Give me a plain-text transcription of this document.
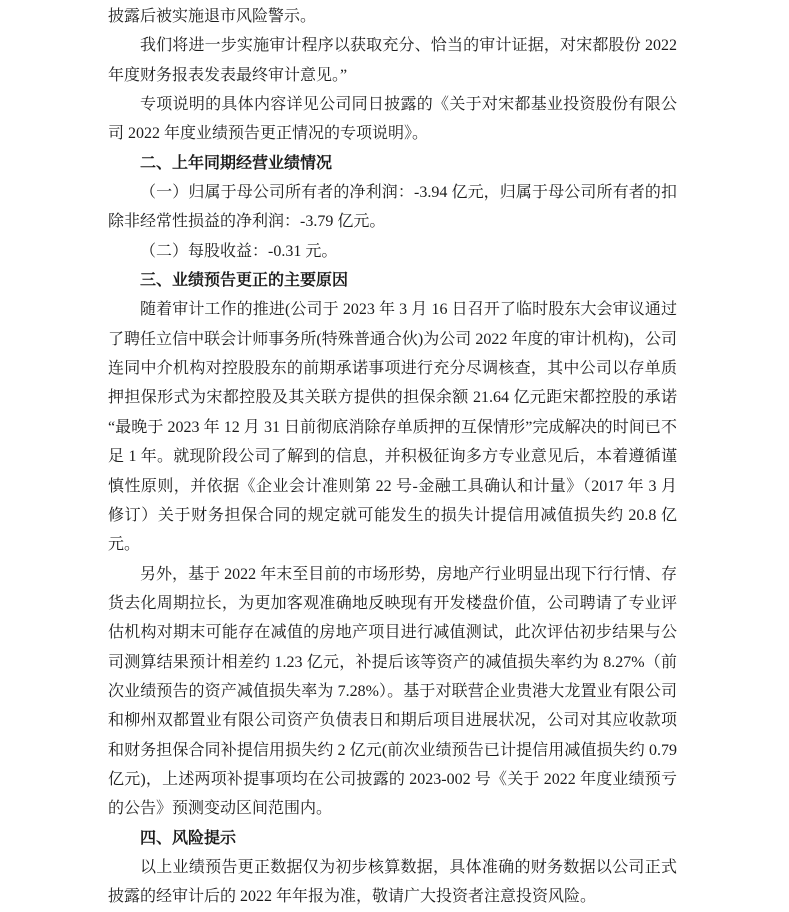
披露后被实施退市风险警示。

我们将进一步实施审计程序以获取充分、恰当的审计证据，对宋都股份 2022 年度财务报表发表最终审计意见。”

专项说明的具体内容详见公司同日披露的《关于对宋都基业投资股份有限公司 2022 年度业绩预告更正情况的专项说明》。

二、上年同期经营业绩情况

（一）归属于母公司所有者的净利润：-3.94 亿元，归属于母公司所有者的扣除非经常性损益的净利润：-3.79 亿元。

（二）每股收益：-0.31 元。

三、业绩预告更正的主要原因

随着审计工作的推进(公司于 2023 年 3 月 16 日召开了临时股东大会审议通过了聘任立信中联会计师事务所(特殊普通合伙)为公司 2022 年度的审计机构)，公司连同中介机构对控股股东的前期承诺事项进行充分尽调核查，其中公司以存单质押担保形式为宋都控股及其关联方提供的担保余额 21.64 亿元距宋都控股的承诺“最晚于 2023 年 12 月 31 日前彻底消除存单质押的互保情形”完成解决的时间已不足 1 年。就现阶段公司了解到的信息，并积极征询多方专业意见后，本着遵循谨慎性原则，并依据《企业会计准则第 22 号-金融工具确认和计量》（2017 年 3 月修订）关于财务担保合同的规定就可能发生的损失计提信用减值损失约 20.8 亿元。

另外，基于 2022 年末至目前的市场形势，房地产行业明显出现下行行情、存货去化周期拉长，为更加客观准确地反映现有开发楼盘价值，公司聘请了专业评估机构对期末可能存在减值的房地产项目进行减值测试，此次评估初步结果与公司测算结果预计相差约 1.23 亿元，补提后该等资产的减值损失率约为 8.27%（前次业绩预告的资产减值损失率为 7.28%）。基于对联营企业贵港大龙置业有限公司和柳州双都置业有限公司资产负债表日和期后项目进展状况，公司对其应收款项和财务担保合同补提信用损失约 2 亿元(前次业绩预告已计提信用减值损失约 0.79 亿元)，上述两项补提事项均在公司披露的 2023-002 号《关于 2022 年度业绩预亏的公告》预测变动区间范围内。

四、风险提示

以上业绩预告更正数据仅为初步核算数据，具体准确的财务数据以公司正式披露的经审计后的 2022 年年报为准，敬请广大投资者注意投资风险。
